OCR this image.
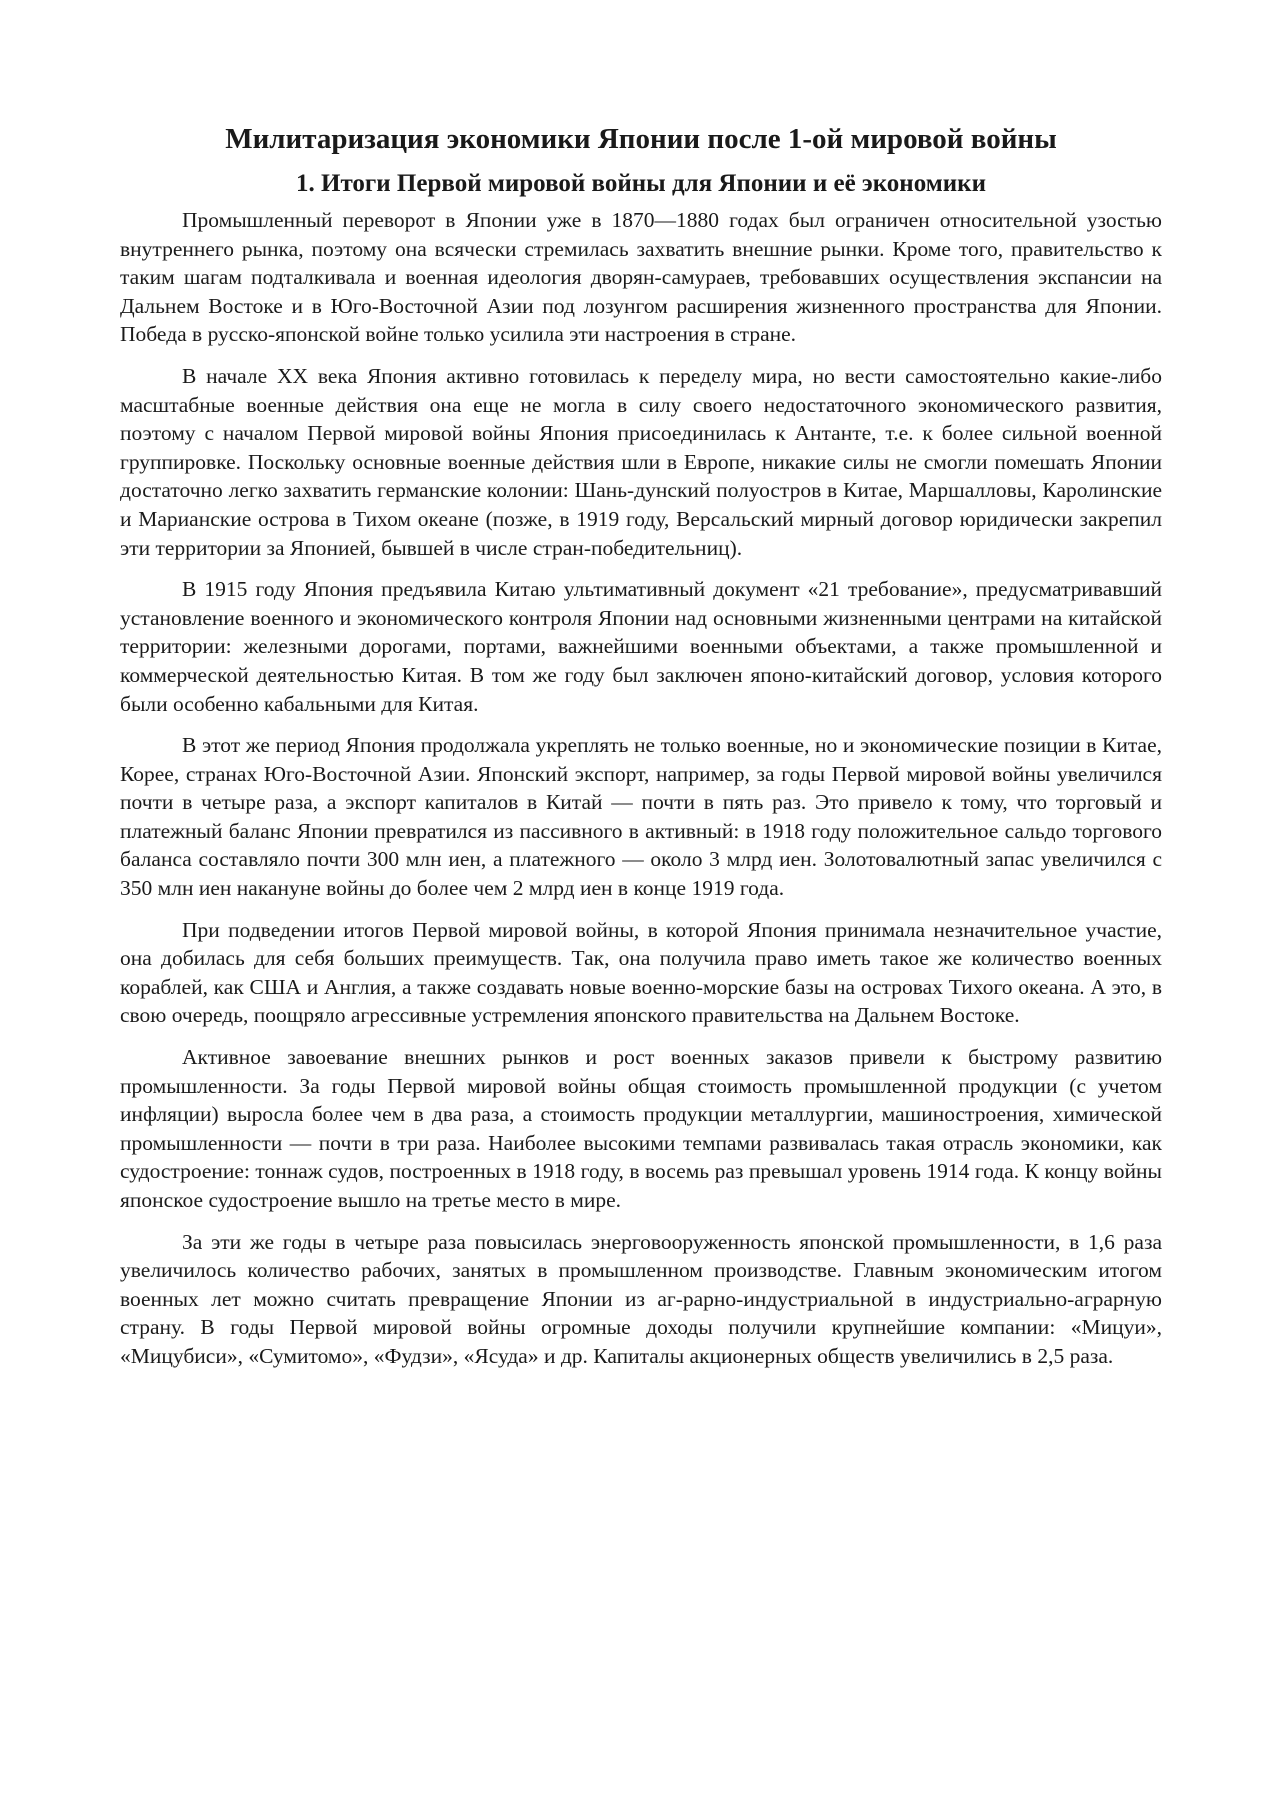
Милитаризация экономики Японии после 1-ой мировой войны
1. Итоги Первой мировой войны для Японии и её экономики

Промышленный переворот в Японии уже в 1870—1880 годах был ограничен относительной узостью внутреннего рынка, поэтому она всячески стремилась захватить внешние рынки. Кроме того, правительство к таким шагам подталкивала и военная идеология дворян-самураев, требовавших осуществления экспансии на Дальнем Востоке и в Юго-Восточной Азии под лозунгом расширения жизненного пространства для Японии. Победа в русско-японской войне только усилила эти настроения в стране.

В начале XX века Япония активно готовилась к переделу мира, но вести самостоятельно какие-либо масштабные военные действия она еще не могла в силу своего недостаточного экономического развития, поэтому с началом Первой мировой войны Япония присоединилась к Антанте, т.е. к более сильной военной группировке. Поскольку основные военные действия шли в Европе, никакие силы не смогли помешать Японии достаточно легко захватить германские колонии: Шань-дунский полуостров в Китае, Маршалловы, Каролинские и Марианские острова в Тихом океане (позже, в 1919 году, Версальский мирный договор юридически закрепил эти территории за Японией, бывшей в числе стран-победительниц).

В 1915 году Япония предъявила Китаю ультимативный документ «21 требование», предусматривавший установление военного и экономического контроля Японии над основными жизненными центрами на китайской территории: железными дорогами, портами, важнейшими военными объектами, а также промышленной и коммерческой деятельностью Китая. В том же году был заключен японо-китайский договор, условия которого были особенно кабальными для Китая.

В этот же период Япония продолжала укреплять не только военные, но и экономические позиции в Китае, Корее, странах Юго-Восточной Азии. Японский экспорт, например, за годы Первой мировой войны увеличился почти в четыре раза, а экспорт капиталов в Китай — почти в пять раз. Это привело к тому, что торговый и платежный баланс Японии превратился из пассивного в активный: в 1918 году положительное сальдо торгового баланса составляло почти 300 млн иен, а платежного — около 3 млрд иен. Золотовалютный запас увеличился с 350 млн иен накануне войны до более чем 2 млрд иен в конце 1919 года.

При подведении итогов Первой мировой войны, в которой Япония принимала незначительное участие, она добилась для себя больших преимуществ. Так, она получила право иметь такое же количество военных кораблей, как США и Англия, а также создавать новые военно-морские базы на островах Тихого океана. А это, в свою очередь, поощряло агрессивные устремления японского правительства на Дальнем Востоке.

Активное завоевание внешних рынков и рост военных заказов привели к быстрому развитию промышленности. За годы Первой мировой войны общая стоимость промышленной продукции (с учетом инфляции) выросла более чем в два раза, а стоимость продукции металлургии, машиностроения, химической промышленности — почти в три раза. Наиболее высокими темпами развивалась такая отрасль экономики, как судостроение: тоннаж судов, построенных в 1918 году, в восемь раз превышал уровень 1914 года. К концу войны японское судостроение вышло на третье место в мире.

За эти же годы в четыре раза повысилась энерговооруженность японской промышленности, в 1,6 раза увеличилось количество рабочих, занятых в промышленном производстве. Главным экономическим итогом военных лет можно считать превращение Японии из аг-рарно-индустриальной в индустриально-аграрную страну. В годы Первой мировой войны огромные доходы получили крупнейшие компании: «Мицуи», «Мицубиси», «Сумитомо», «Фудзи», «Ясуда» и др. Капиталы акционерных обществ увеличились в 2,5 раза.
